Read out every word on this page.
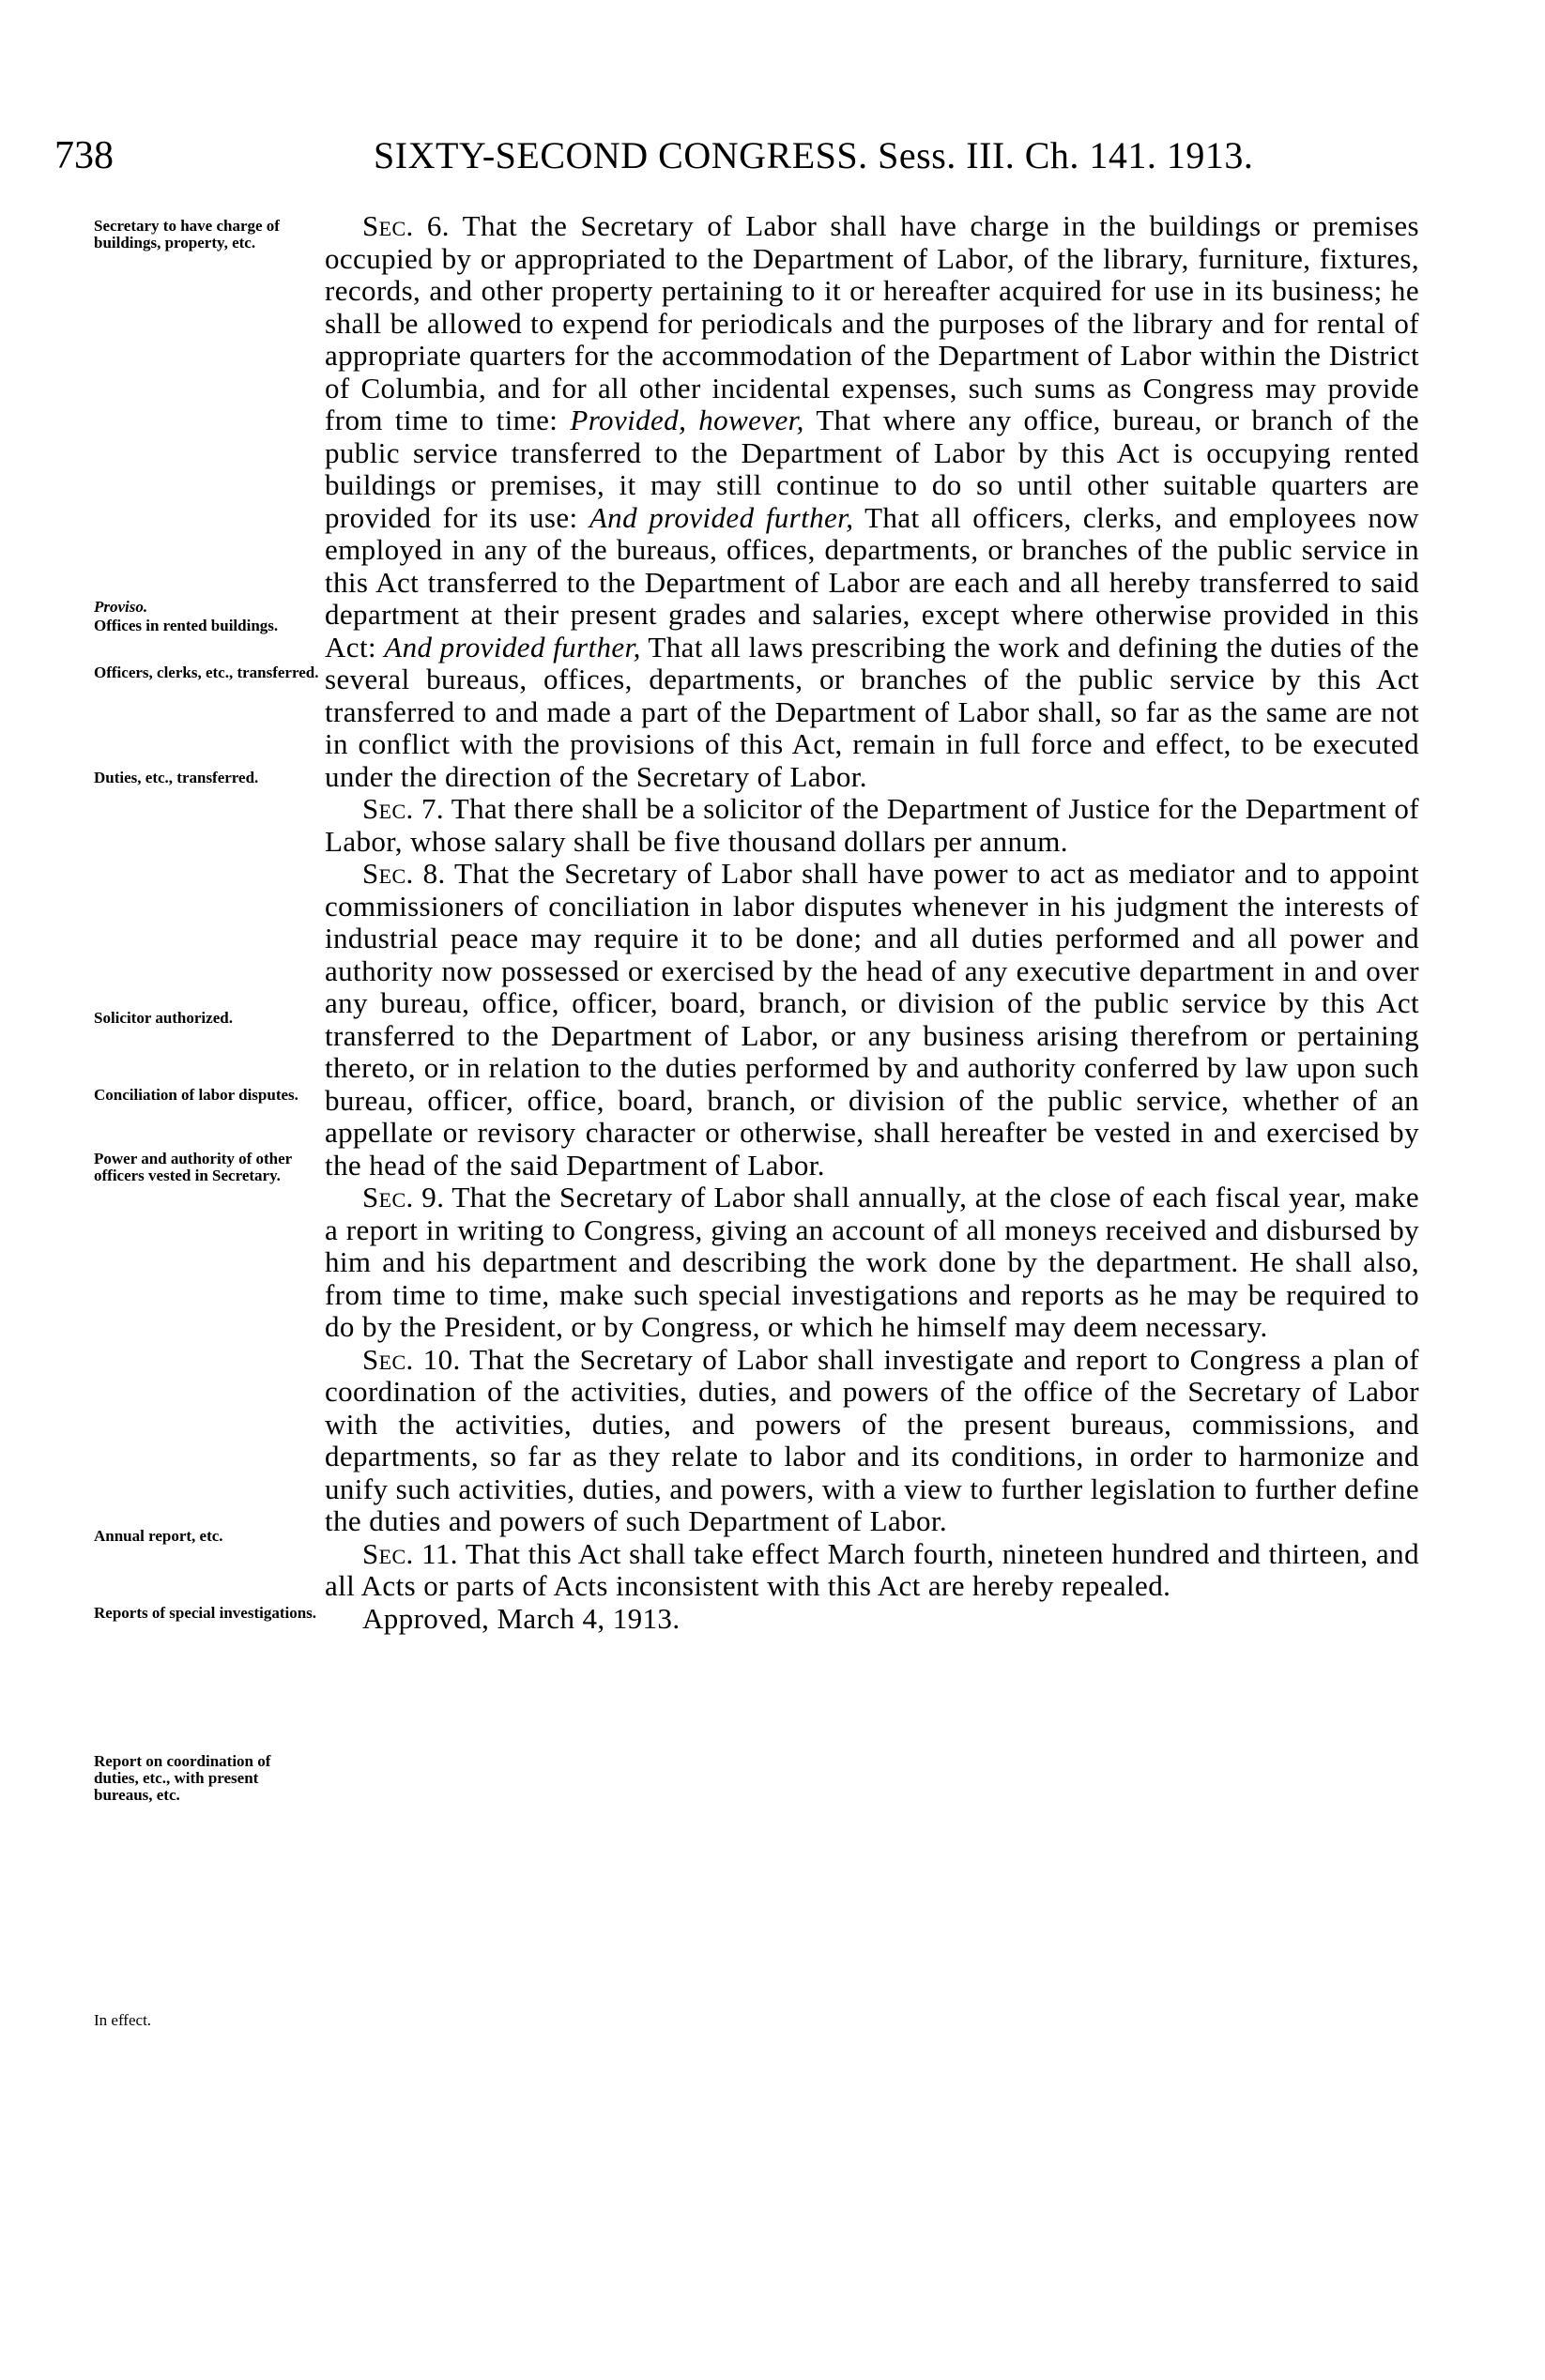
738	SIXTY-SECOND CONGRESS. Sess. III. Ch. 141. 1913.
Secretary to have charge of buildings, property, etc.
Proviso.
Offices in rented buildings.
Officers, clerks, etc., transferred.
Duties, etc., transferred.
Solicitor authorized.
Conciliation of labor disputes.
Power and authority of other officers vested in Secretary.
Annual report, etc.
Reports of special investigations.
Report on coordination of duties, etc., with present bureaus, etc.
In effect.

Sec. 6. That the Secretary of Labor shall have charge in the buildings or premises occupied by or appropriated to the Department of Labor, of the library, furniture, fixtures, records, and other property pertaining to it or hereafter acquired for use in its business; he shall be allowed to expend for periodicals and the purposes of the library and for rental of appropriate quarters for the accommodation of the Department of Labor within the District of Columbia, and for all other incidental expenses, such sums as Congress may provide from time to time: Provided, however, That where any office, bureau, or branch of the public service transferred to the Department of Labor by this Act is occupying rented buildings or premises, it may still continue to do so until other suitable quarters are provided for its use: And provided further, That all officers, clerks, and employees now employed in any of the bureaus, offices, departments, or branches of the public service in this Act transferred to the Department of Labor are each and all hereby transferred to said department at their present grades and salaries, except where otherwise provided in this Act: And provided further, That all laws prescribing the work and defining the duties of the several bureaus, offices, departments, or branches of the public service by this Act transferred to and made a part of the Department of Labor shall, so far as the same are not in conflict with the provisions of this Act, remain in full force and effect, to be executed under the direction of the Secretary of Labor.

Sec. 7. That there shall be a solicitor of the Department of Justice for the Department of Labor, whose salary shall be five thousand dollars per annum.

Sec. 8. That the Secretary of Labor shall have power to act as mediator and to appoint commissioners of conciliation in labor disputes whenever in his judgment the interests of industrial peace may require it to be done; and all duties performed and all power and authority now possessed or exercised by the head of any executive department in and over any bureau, office, officer, board, branch, or division of the public service by this Act transferred to the Department of Labor, or any business arising therefrom or pertaining thereto, or in relation to the duties performed by and authority conferred by law upon such bureau, officer, office, board, branch, or division of the public service, whether of an appellate or revisory character or otherwise, shall hereafter be vested in and exercised by the head of the said Department of Labor.

Sec. 9. That the Secretary of Labor shall annually, at the close of each fiscal year, make a report in writing to Congress, giving an account of all moneys received and disbursed by him and his department and describing the work done by the department. He shall also, from time to time, make such special investigations and reports as he may be required to do by the President, or by Congress, or which he himself may deem necessary.

Sec. 10. That the Secretary of Labor shall investigate and report to Congress a plan of coordination of the activities, duties, and powers of the office of the Secretary of Labor with the activities, duties, and powers of the present bureaus, commissions, and departments, so far as they relate to labor and its conditions, in order to harmonize and unify such activities, duties, and powers, with a view to further legislation to further define the duties and powers of such Department of Labor.

Sec. 11. That this Act shall take effect March fourth, nineteen hundred and thirteen, and all Acts or parts of Acts inconsistent with this Act are hereby repealed.

Approved, March 4, 1913.
